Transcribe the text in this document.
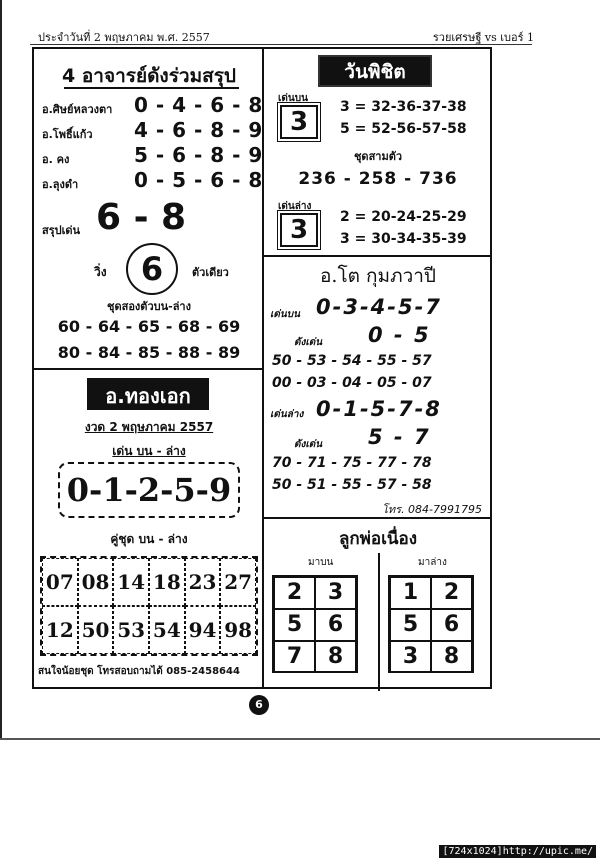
ประจำวันที่ 2 พฤษภาคม พ.ศ. 2557	รวยเศรษฐี vs เบอร์ 1
4 อาจารย์ดังร่วมสรุป
อ.ศิษย์หลวงตา 0 - 4 - 6 - 8
อ.โพธิ์แก้ว 4 - 6 - 8 - 9
อ. คง	5 - 6 - 8 - 9
อ.ลุงดำ	0 - 5 - 6 - 8
สรุปเด่น 6 - 8
วิ่ง	6	ตัวเดียว
ชุดสองตัวบน-ล่าง
60 - 64 - 65 - 68 - 69
80 - 84 - 85 - 88 - 89
อ.ทองเอก
งวด 2 พฤษภาคม 2557
เด่น บน - ล่าง
0-1-2-5-9
คู่ชุด บน - ล่าง
07 08 14 18 23 27
12 50 53 54 94 98
สนใจน้อยชุด โทรสอบถามได้ 085-2458644
วันพิชิต
เด่นบน
3	3 = 32-36-37-38
5 = 52-56-57-58
ชุดสามตัว
236 - 258 - 736
เด่นล่าง
3	2 = 20-24-25-29
3 = 30-34-35-39
อ.โต กุมภวาปี
เด่นบน 0-3-4-5-7
ดังเด่น 0 - 5
50 - 53 - 54 - 55 - 57
00 - 03 - 04 - 05 - 07
เด่นล่าง 0-1-5-7-8
ดังเด่น 5 - 7
70 - 71 - 75 - 77 - 78
50 - 51 - 55 - 57 - 58
โทร. 084-7991795
ลูกพ่อเนื่อง
มาบน	มาล่าง
2	3
5	6
7	8
1	2
5	6
3	8
6
[724x1024]http://upic.me/
